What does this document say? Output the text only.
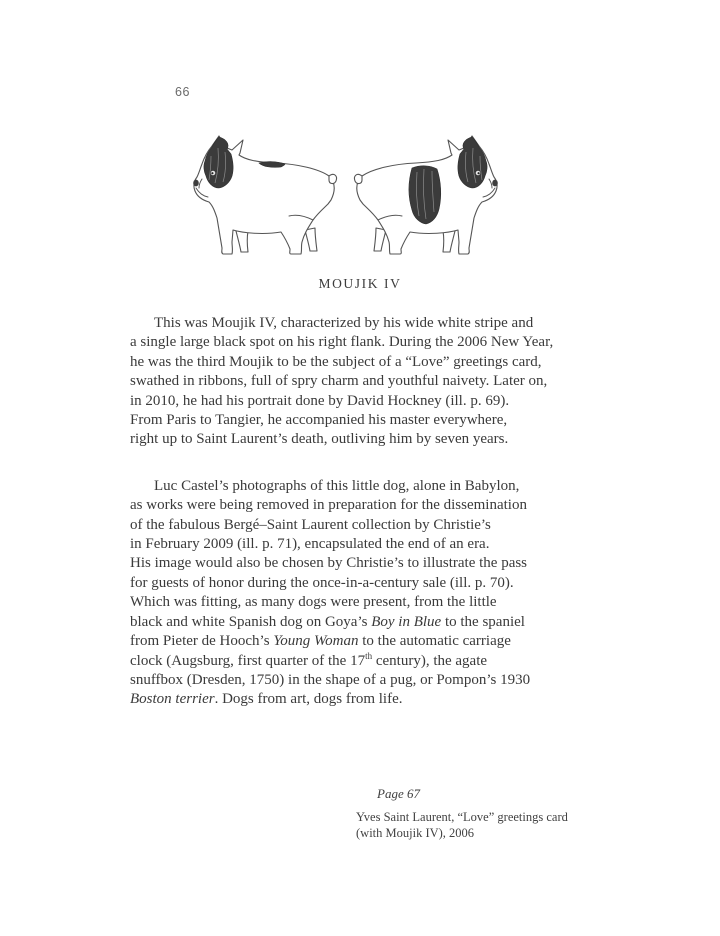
66
MOUJIK IV
This was Moujik IV, characterized by his wide white stripe and
a single large black spot on his right flank. During the 2006 New Year,
he was the third Moujik to be the subject of a “Love” greetings card,
swathed in ribbons, full of spry charm and youthful naivety. Later on,
in 2010, he had his portrait done by David Hockney (ill. p. 69).
From Paris to Tangier, he accompanied his master everywhere,
right up to Saint Laurent’s death, outliving him by seven years.
Luc Castel’s photographs of this little dog, alone in Babylon,
as works were being removed in preparation for the dissemination
of the fabulous Bergé–Saint Laurent collection by Christie’s
in February 2009 (ill. p. 71), encapsulated the end of an era.
His image would also be chosen by Christie’s to illustrate the pass
for guests of honor during the once-in-a-century sale (ill. p. 70).
Which was fitting, as many dogs were present, from the little
black and white Spanish dog on Goya’s Boy in Blue to the spaniel
from Pieter de Hooch’s Young Woman to the automatic carriage
clock (Augsburg, first quarter of the 17th century), the agate
snuffbox (Dresden, 1750) in the shape of a pug, or Pompon’s 1930
Boston terrier. Dogs from art, dogs from life.
Page 67
Yves Saint Laurent, “Love” greetings card
(with Moujik IV), 2006
